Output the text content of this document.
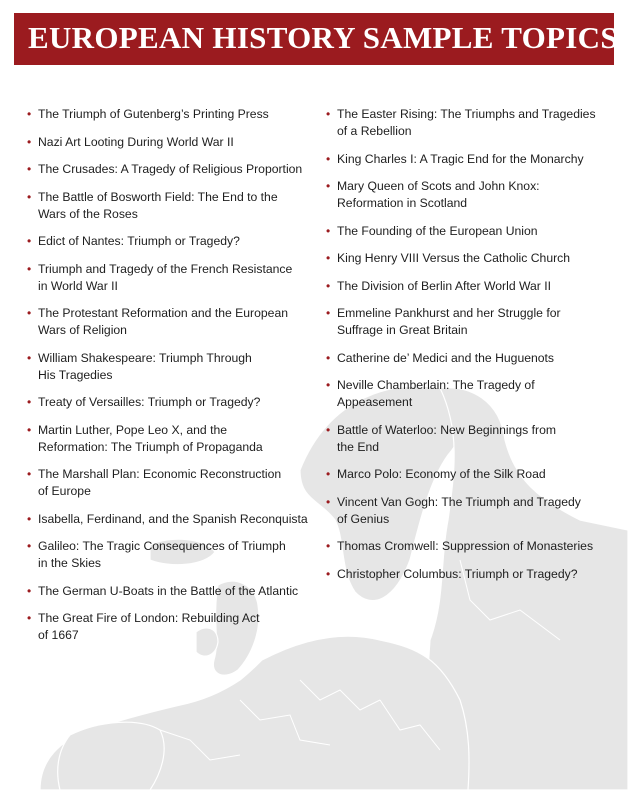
EUROPEAN HISTORY SAMPLE TOPICS
• The Triumph of Gutenberg’s Printing Press
• Nazi Art Looting During World War II
• The Crusades: A Tragedy of Religious Proportion
• The Battle of Bosworth Field: The End to the
Wars of the Roses
• Edict of Nantes: Triumph or Tragedy?
• Triumph and Tragedy of the French Resistance
in World War II
• The Protestant Reformation and the European
Wars of Religion
• William Shakespeare: Triumph Through
His Tragedies
• Treaty of Versailles: Triumph or Tragedy?
• Martin Luther, Pope Leo X, and the
Reformation: The Triumph of Propaganda
• The Marshall Plan: Economic Reconstruction
of Europe
• Isabella, Ferdinand, and the Spanish Reconquista
• Galileo: The Tragic Consequences of Triumph
in the Skies
• The German U-Boats in the Battle of the Atlantic
• The Great Fire of London: Rebuilding Act
of 1667
• The Easter Rising: The Triumphs and Tragedies
of a Rebellion
• King Charles I: A Tragic End for the Monarchy
• Mary Queen of Scots and John Knox:
Reformation in Scotland
• The Founding of the European Union
• King Henry VIII Versus the Catholic Church
• The Division of Berlin After World War II
• Emmeline Pankhurst and her Struggle for
Suffrage in Great Britain
• Catherine de’ Medici and the Huguenots
• Neville Chamberlain: The Tragedy of
Appeasement
• Battle of Waterloo: New Beginnings from
the End
• Marco Polo: Economy of the Silk Road
• Vincent Van Gogh: The Triumph and Tragedy
of Genius
• Thomas Cromwell: Suppression of Monasteries
• Christopher Columbus: Triumph or Tragedy?
